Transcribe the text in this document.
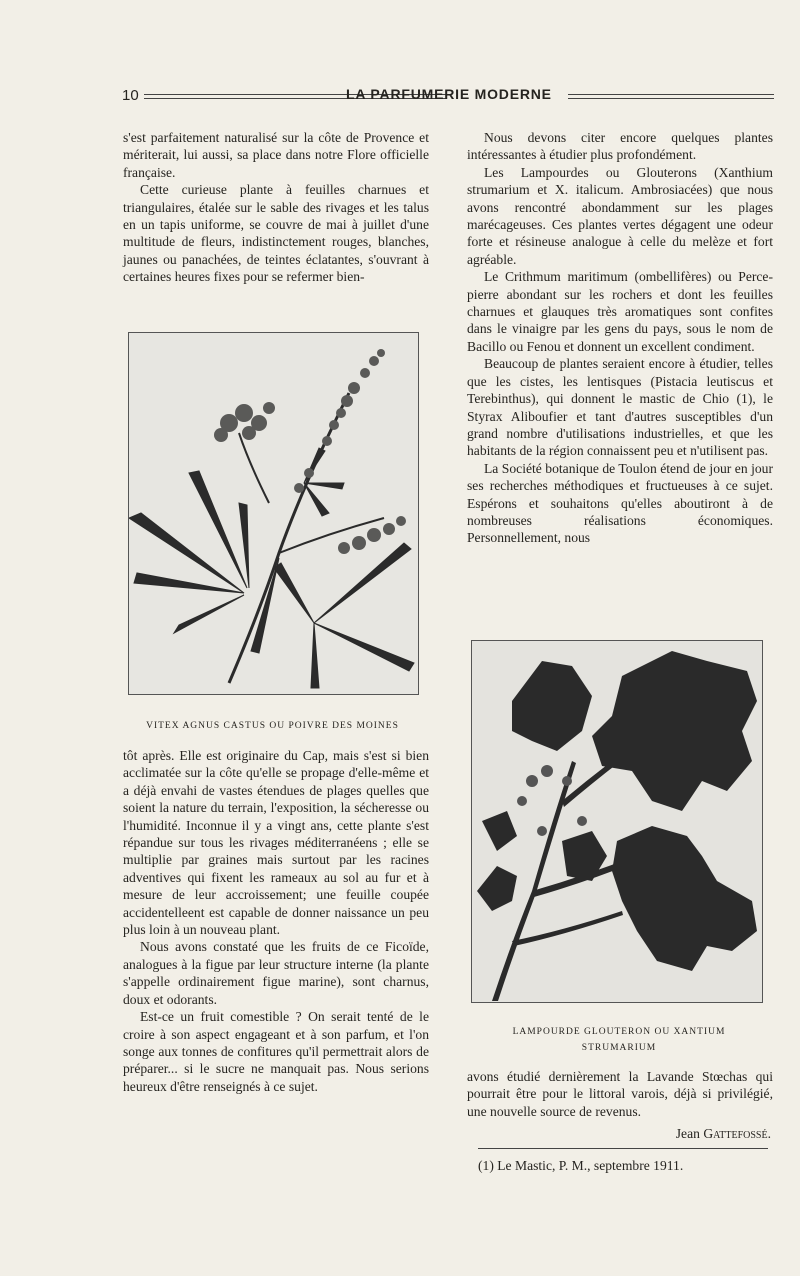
10	LA PARFUMERIE MODERNE

s'est parfaitement naturalisé sur la côte de Provence et mériterait, lui aussi, sa place dans notre Flore officielle française.

Cette curieuse plante à feuilles charnues et triangulaires, étalée sur le sable des rivages et les talus en un tapis uniforme, se couvre de mai à juillet d'une multitude de fleurs, indistinctement rouges, blanches, jaunes ou panachées, de teintes éclatantes, s'ouvrant à certaines heures fixes pour se refermer bien-

VITEX AGNUS CASTUS OU POIVRE DES MOINES

tôt après. Elle est originaire du Cap, mais s'est si bien acclimatée sur la côte qu'elle se propage d'elle-même et a déjà envahi de vastes étendues de plages quelles que soient la nature du terrain, l'exposition, la sécheresse ou l'humidité. Inconnue il y a vingt ans, cette plante s'est répandue sur tous les rivages méditerranéens ; elle se multiplie par graines mais surtout par les racines adventives qui fixent les rameaux au sol au fur et à mesure de leur accroissement; une feuille coupée accidentelleent est capable de donner naissance un peu plus loin à un nouveau plant.

Nous avons constaté que les fruits de ce Ficoïde, analogues à la figue par leur structure interne (la plante s'appelle ordinairement figue marine), sont charnus, doux et odorants.

Est-ce un fruit comestible ? On serait tenté de le croire à son aspect engageant et à son parfum, et l'on songe aux tonnes de confitures qu'il permettrait alors de préparer... si le sucre ne manquait pas. Nous serions heureux d'être renseignés à ce sujet.

Nous devons citer encore quelques plantes intéressantes à étudier plus profondément.

Les Lampourdes ou Glouterons (Xanthium strumarium et X. italicum. Ambrosiacées) que nous avons rencontré abondamment sur les plages marécageuses. Ces plantes vertes dégagent une odeur forte et résineuse analogue à celle du melèze et fort agréable.

Le Crithmum maritimum (ombellifères) ou Perce-pierre abondant sur les rochers et dont les feuilles charnues et glauques très aromatiques sont confites dans le vinaigre par les gens du pays, sous le nom de Bacillo ou Fenou et donnent un excellent condiment.

Beaucoup de plantes seraient encore à étudier, telles que les cistes, les lentisques (Pistacia leutiscus et Terebinthus), qui donnent le mastic de Chio (1), le Styrax Aliboufier et tant d'autres susceptibles d'un grand nombre d'utilisations industrielles, et que les habitants de la région connaissent peu et n'utilisent pas.

La Société botanique de Toulon étend de jour en jour ses recherches méthodiques et fructueuses à ce sujet. Espérons et souhaitons qu'elles aboutiront à de nombreuses réalisations économiques. Personnellement, nous

LAMPOURDE GLOUTERON OU XANTIUM
STRUMARIUM

avons étudié dernièrement la Lavande Stœchas qui pourrait être pour le littoral varois, déjà si privilégié, une nouvelle source de revenus.

Jean Gattefossé.
(1) Le Mastic, P. M., septembre 1911.
